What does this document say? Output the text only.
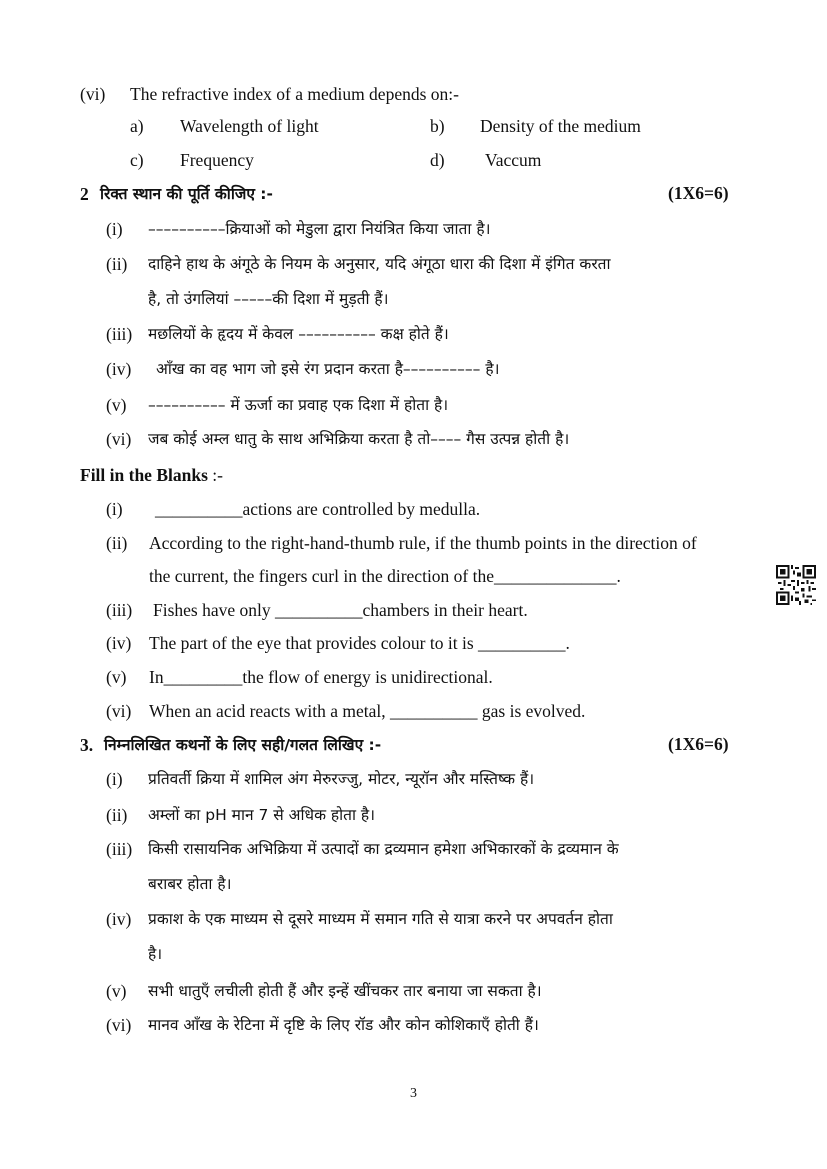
(vi) The refractive index of a medium depends on:-
a) Wavelength of light	b) Density of the medium
c) Frequency	d) Vaccum
2 रिक्त स्थान की पूर्ति कीजिए :-	(1X6=6)
(i) ––––––––––क्रियाओं को मेडुला द्वारा नियंत्रित किया जाता है।
(ii) दाहिने हाथ के अंगूठे के नियम के अनुसार, यदि अंगूठा धारा की दिशा में इंगित करता
है, तो उंगलियां –––––की दिशा में मुड़ती हैं।
(iii) मछलियों के हृदय में केवल –––––––––– कक्ष होते हैं।
(iv) आँख का वह भाग जो इसे रंग प्रदान करता है–––––––––– है।
(v) –––––––––– में ऊर्जा का प्रवाह एक दिशा में होता है।
(vi) जब कोई अम्ल धातु के साथ अभिक्रिया करता है तो–––– गैस उत्पन्न होती है।
Fill in the Blanks :-
(i) __________actions are controlled by medulla.
(ii) According to the right-hand-thumb rule, if the thumb points in the direction of
the current, the fingers curl in the direction of the______________.
(iii) Fishes have only __________chambers in their heart.
(iv) The part of the eye that provides colour to it is __________.
(v) In_________the flow of energy is unidirectional.
(vi) When an acid reacts with a metal, __________ gas is evolved.
3. निम्नलिखित कथनों के लिए सही/गलत लिखिए :-	(1X6=6)
(i) प्रतिवर्ती क्रिया में शामिल अंग मेरुरज्जु, मोटर, न्यूरॉन और मस्तिष्क हैं।
(ii) अम्लों का pH मान 7 से अधिक होता है।
(iii) किसी रासायनिक अभिक्रिया में उत्पादों का द्रव्यमान हमेशा अभिकारकों के द्रव्यमान के
बराबर होता है।
(iv) प्रकाश के एक माध्यम से दूसरे माध्यम में समान गति से यात्रा करने पर अपवर्तन होता
है।
(v) सभी धातुएँ लचीली होती हैं और इन्हें खींचकर तार बनाया जा सकता है।
(vi) मानव आँख के रेटिना में दृष्टि के लिए रॉड और कोन कोशिकाएँ होती हैं।
3
